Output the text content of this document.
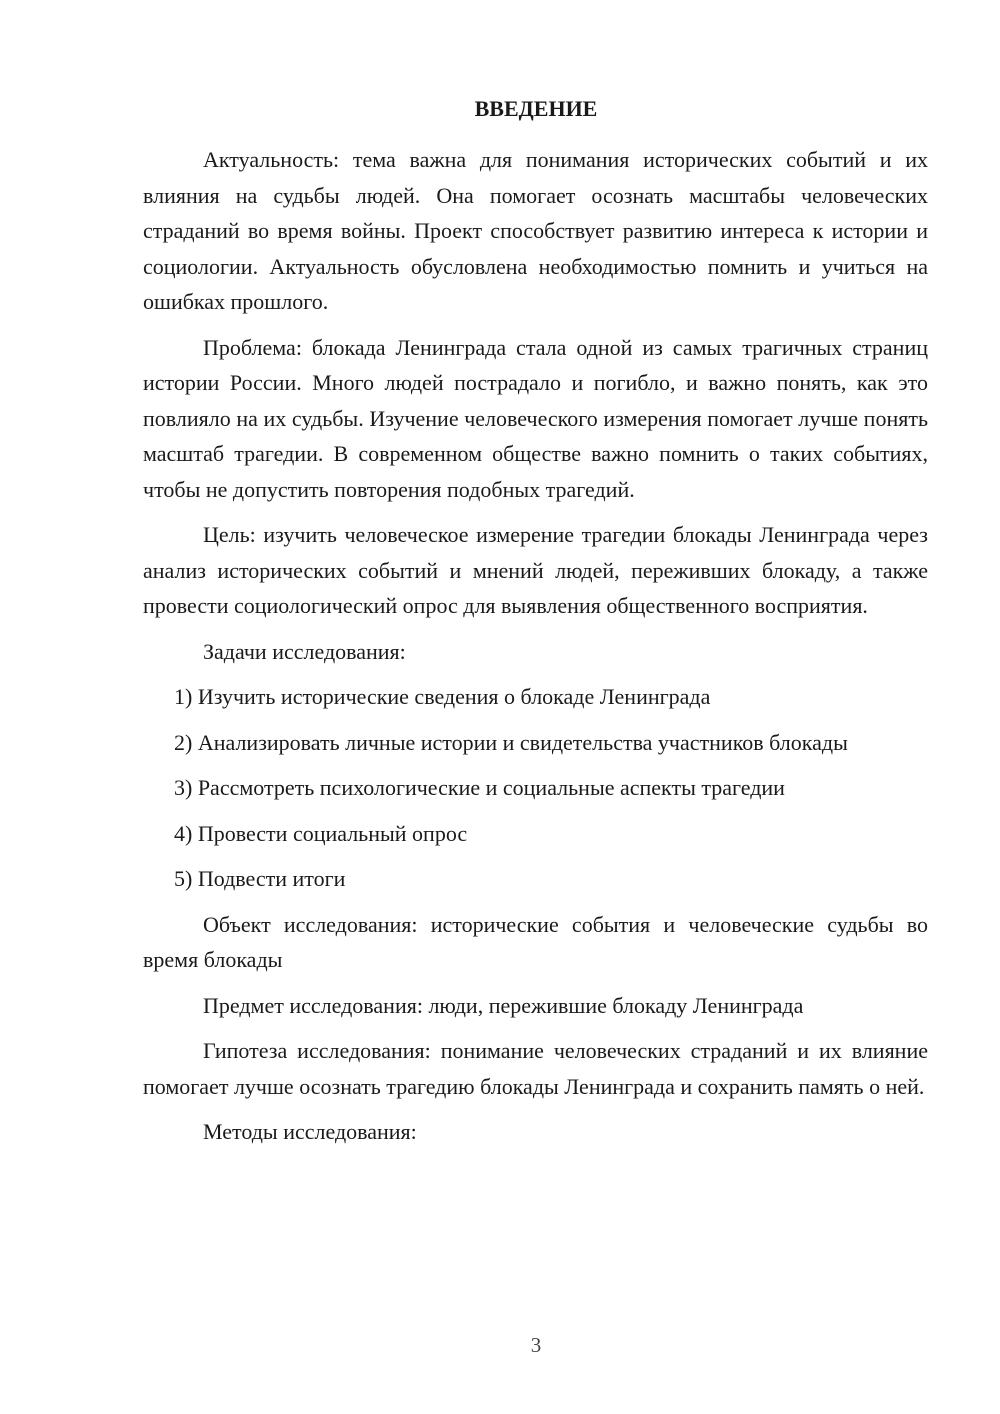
ВВЕДЕНИЕ

Актуальность: тема важна для понимания исторических событий и их влияния на судьбы людей. Она помогает осознать масштабы человеческих страданий во время войны. Проект способствует развитию интереса к истории и социологии. Актуальность обусловлена необходимостью помнить и учиться на ошибках прошлого.

Проблема: блокада Ленинграда стала одной из самых трагичных страниц истории России. Много людей пострадало и погибло, и важно понять, как это повлияло на их судьбы. Изучение человеческого измерения помогает лучше понять масштаб трагедии. В современном обществе важно помнить о таких событиях, чтобы не допустить повторения подобных трагедий.

Цель: изучить человеческое измерение трагедии блокады Ленинграда через анализ исторических событий и мнений людей, переживших блокаду, а также провести социологический опрос для выявления общественного восприятия.

Задачи исследования:

1) Изучить исторические сведения о блокаде Ленинграда

2) Анализировать личные истории и свидетельства участников блокады

3) Рассмотреть психологические и социальные аспекты трагедии

4) Провести социальный опрос

5) Подвести итоги

Объект исследования: исторические события и человеческие судьбы во время блокады

Предмет исследования: люди, пережившие блокаду Ленинграда

Гипотеза исследования: понимание человеческих страданий и их влияние помогает лучше осознать трагедию блокады Ленинграда и сохранить память о ней.

Методы исследования:

3
